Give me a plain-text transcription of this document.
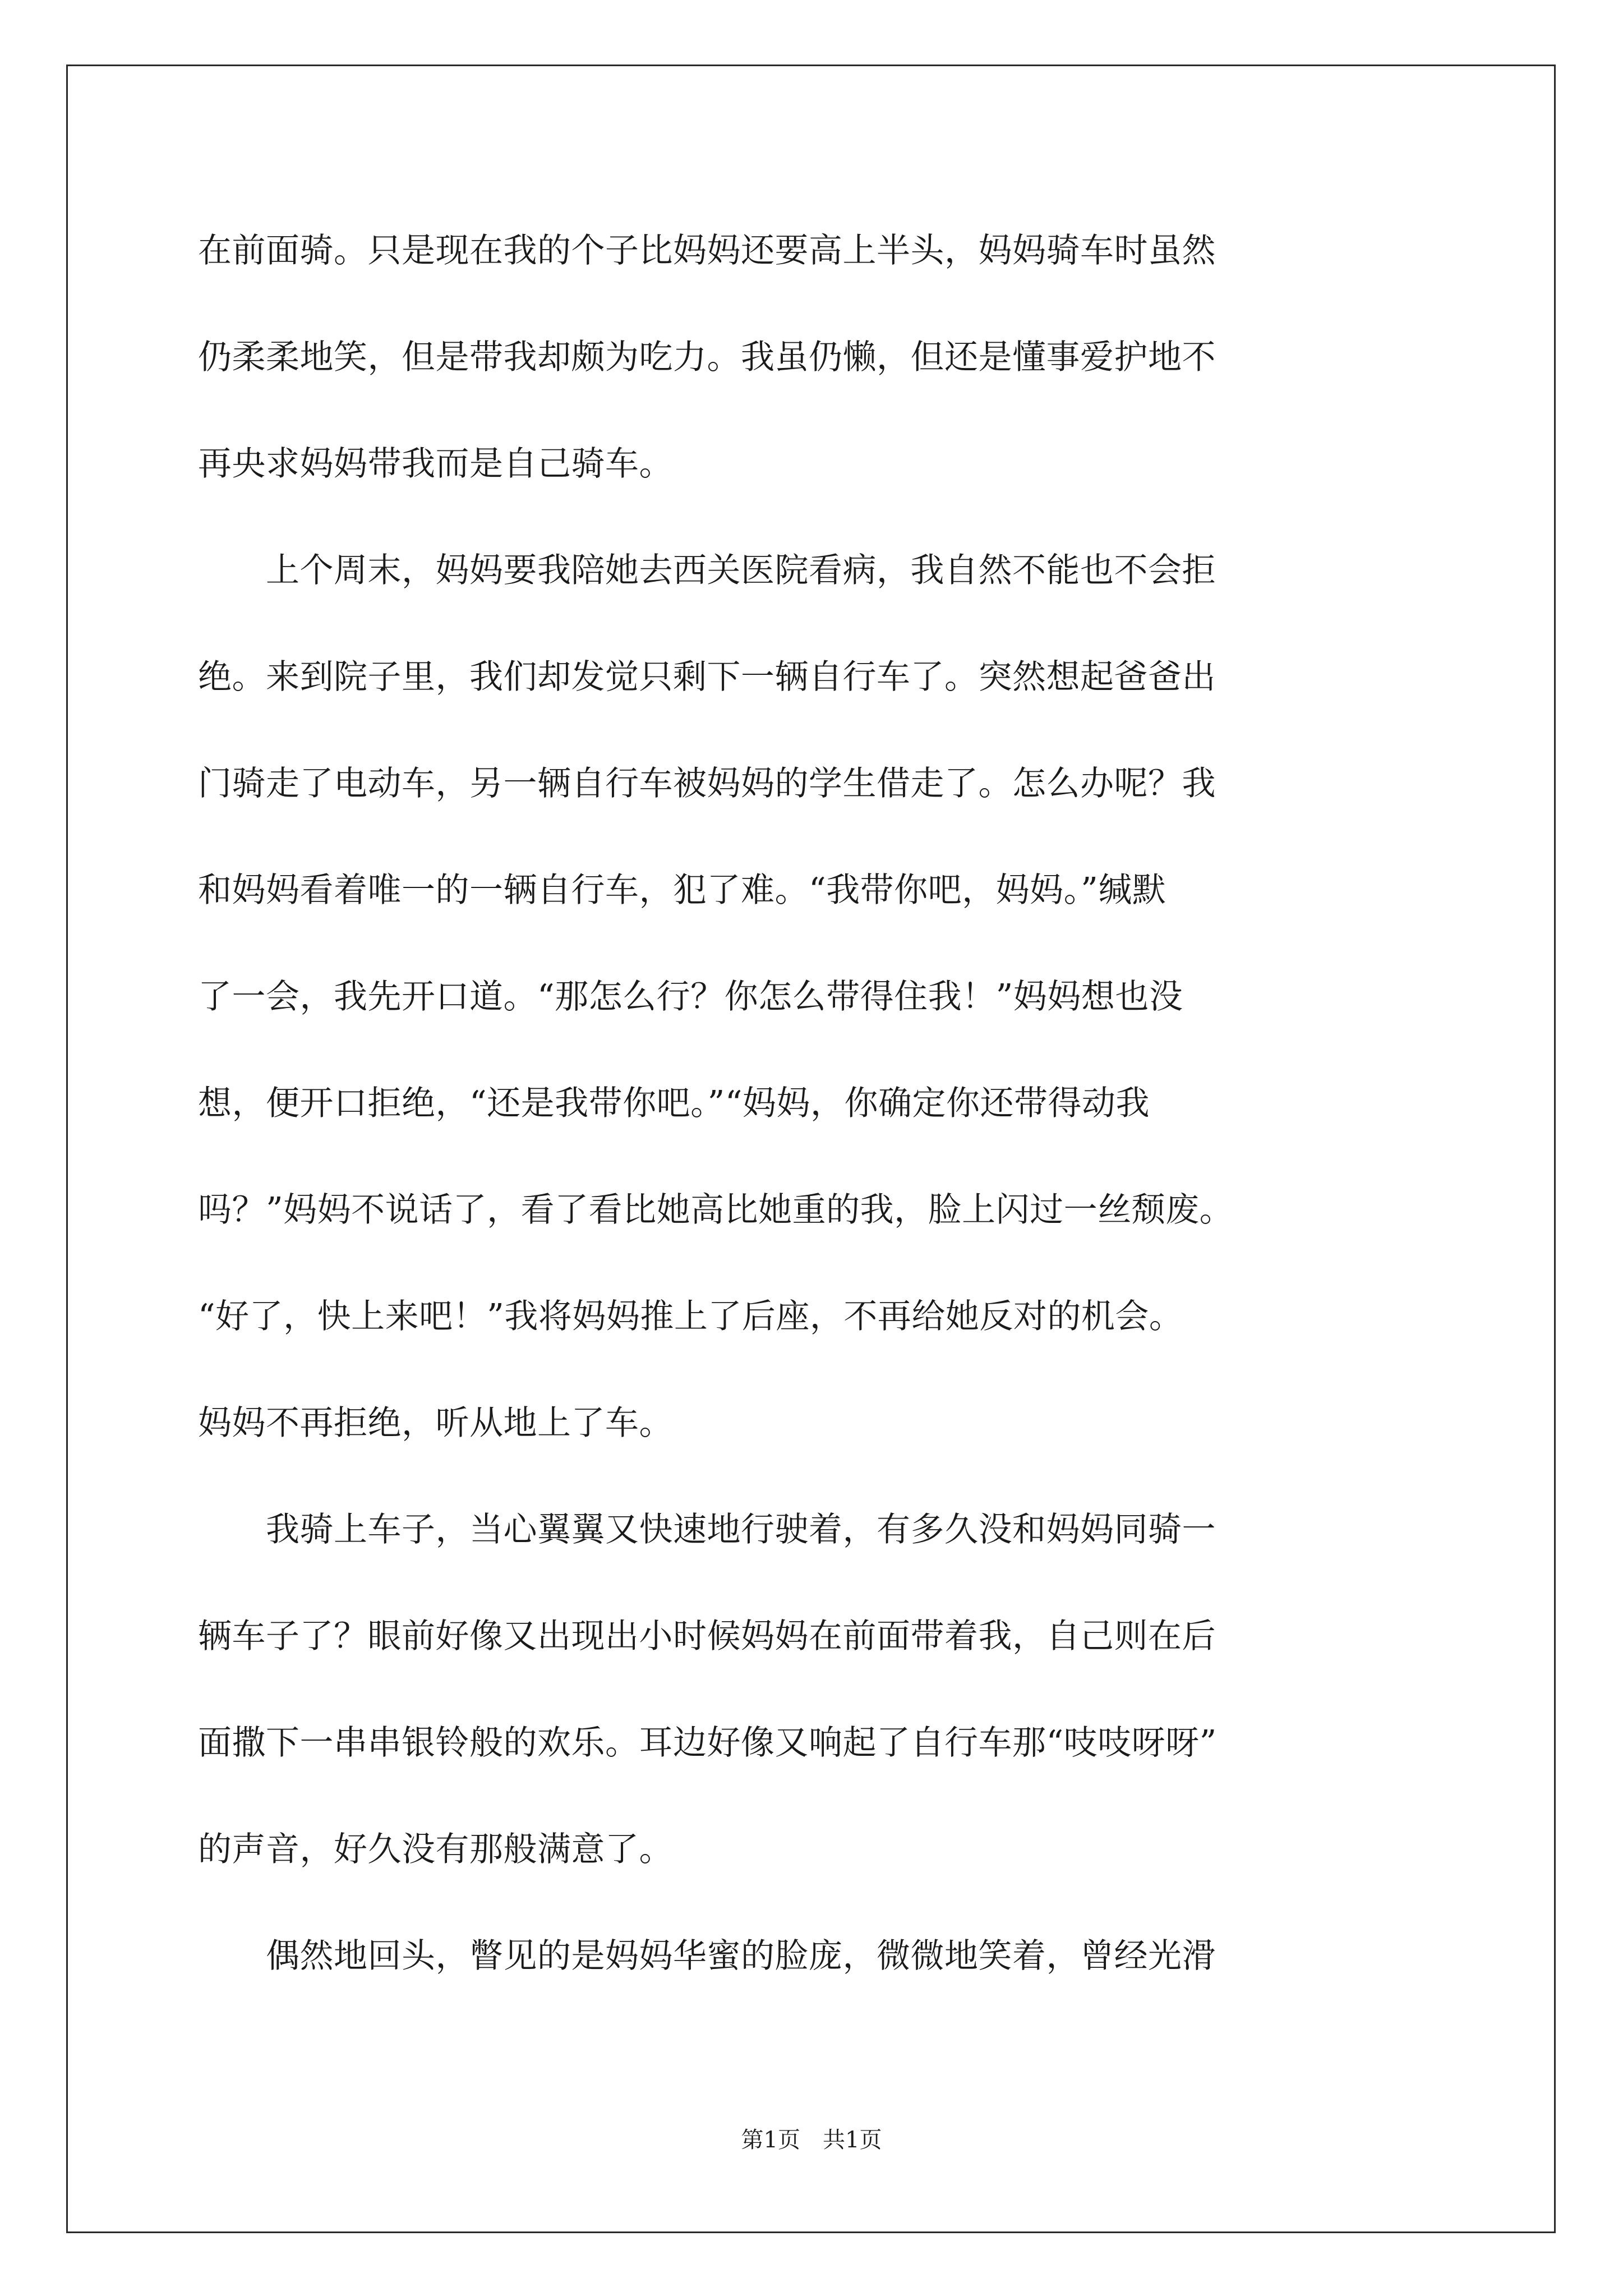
在前面骑。只是现在我的个子比妈妈还要高上半头，妈妈骑车时虽然
仍柔柔地笑，但是带我却颇为吃力。我虽仍懒，但还是懂事爱护地不
再央求妈妈带我而是自己骑车。
　　上个周末，妈妈要我陪她去西关医院看病，我自然不能也不会拒
绝。来到院子里，我们却发觉只剩下一辆自行车了。突然想起爸爸出
门骑走了电动车，另一辆自行车被妈妈的学生借走了。怎么办呢？我
和妈妈看着唯一的一辆自行车，犯了难。“我带你吧，妈妈。”缄默
了一会，我先开口道。“那怎么行？你怎么带得住我！”妈妈想也没
想，便开口拒绝，“还是我带你吧。”“妈妈，你确定你还带得动我
吗？”妈妈不说话了，看了看比她高比她重的我，脸上闪过一丝颓废。
“好了，快上来吧！”我将妈妈推上了后座，不再给她反对的机会。
妈妈不再拒绝，听从地上了车。
　　我骑上车子，当心翼翼又快速地行驶着，有多久没和妈妈同骑一
辆车子了？眼前好像又出现出小时候妈妈在前面带着我，自己则在后
面撒下一串串银铃般的欢乐。耳边好像又响起了自行车那“吱吱呀呀”
的声音，好久没有那般满意了。
　　偶然地回头，瞥见的是妈妈华蜜的脸庞，微微地笑着，曾经光滑
第1页　共1页
